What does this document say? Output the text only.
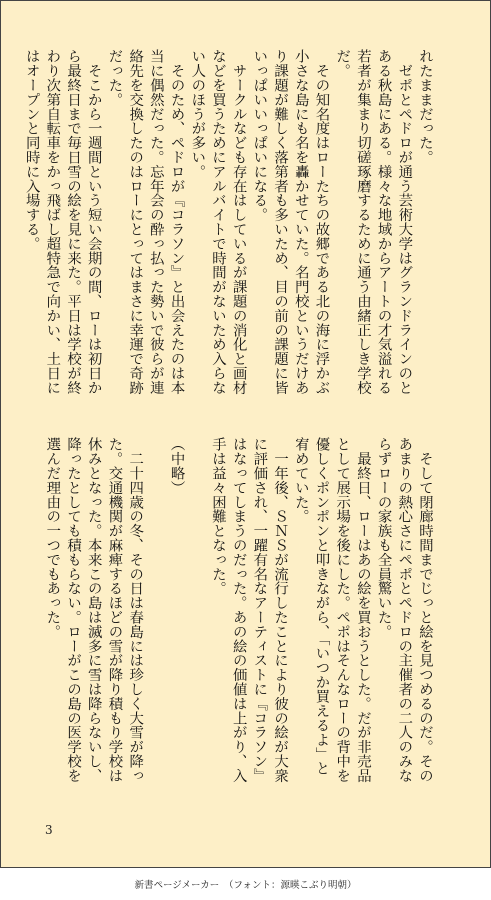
れたままだった。

　ゼポとペドロが通う芸術大学はグランドラインのと

ある秋島にある。様々な地域からアートの才気溢れる

若者が集まり切磋琢磨するために通う由緒正しき学校

だ。

　その知名度はローたちの故郷である北の海に浮かぶ

小さな島にも名を轟かせていた。名門校というだけあ

り課題が難しく落第者も多いため、目の前の課題に皆

いっぱいいっぱいになる。

　サークルなども存在はしているが課題の消化と画材

などを買うためにアルバイトで時間がないため入らな

い人のほうが多い。

　そのため、ペドロが『コラソン』と出会えたのは本

当に偶然だった。忘年会の酔っ払った勢いで彼らが連

絡先を交換したのはローにとってはまさに幸運で奇跡

だった。

　そこから一週間という短い会期の間、ローは初日か

ら最終日まで毎日雪の絵を見に来た。平日は学校が終

わり次第自転車をかっ飛ばし超特急で向かい、土日に

はオープンと同時に入場する。

　そして閉廊時間までじっと絵を見つめるのだ。その

あまりの熱心さにペポとペドロの主催者の二人のみな

らずローの家族も全員驚いた。

　最終日、ローはあの絵を買おうとした。だが非売品

として展示場を後にした。ペポはそんなローの背中を

優しくポンポンと叩きながら、「いつか買えるよ」と

宥めていた。

　一年後、ＳＮＳが流行したことにより彼の絵が大衆

に評価され、一躍有名なアーティストに『コラソン』

はなってしまうのだった。あの絵の価値は上がり、入

手は益々困難となった。

（中略）

　二十四歳の冬、その日は春島には珍しく大雪が降っ

た。交通機関が麻痺するほどの雪が降り積もり学校は

休みとなった。本来この島は滅多に雪は降らないし、

降ったとしても積もらない。ローがこの島の医学校を

選んだ理由の一つでもあった。

3
新書ページメーカー　（フォント：源暎こぶり明朝）
